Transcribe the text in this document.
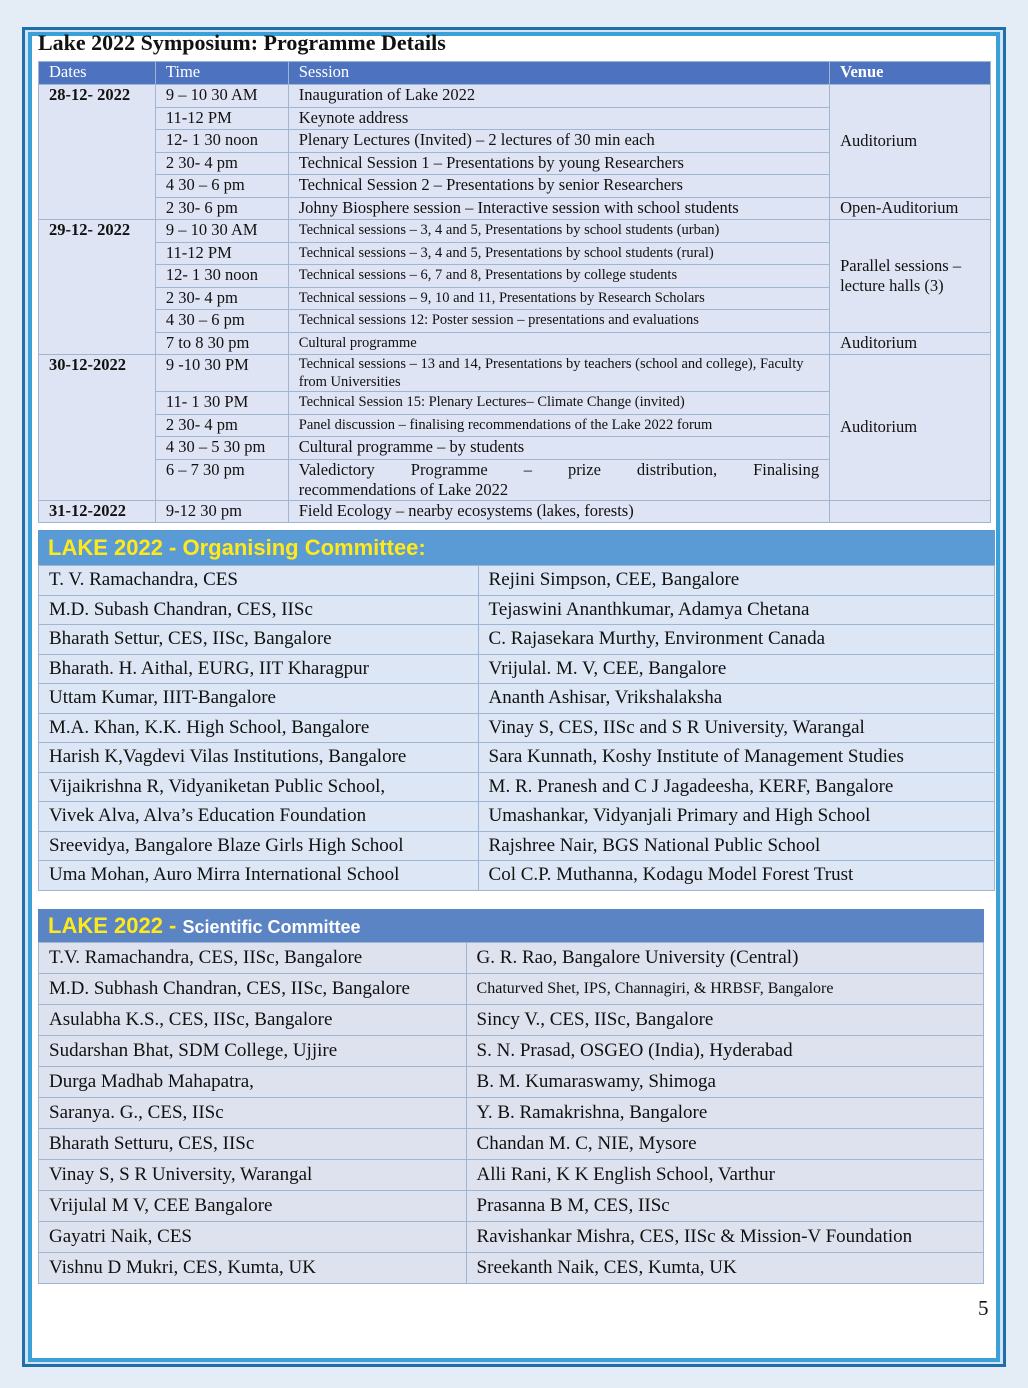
Lake 2022 Symposium: Programme Details
Dates	Time	Session	Venue
28-12- 2022	9 – 10 30 AM	Inauguration of Lake 2022	Auditorium
	11-12 PM	Keynote address	
	12- 1 30 noon	Plenary Lectures (Invited) – 2 lectures of 30 min each	
	2 30- 4 pm	Technical Session 1 – Presentations by young Researchers	
	4 30 – 6 pm	Technical Session 2 – Presentations by senior Researchers	
	2 30- 6 pm	Johny Biosphere session – Interactive session with school students	Open-Auditorium
29-12- 2022	9 – 10 30 AM	Technical sessions – 3, 4 and 5, Presentations by school students (urban)	Parallel sessions – lecture halls (3)
	11-12 PM	Technical sessions – 3, 4 and 5, Presentations by school students (rural)	
	12- 1 30 noon	Technical sessions – 6, 7 and 8, Presentations by college students	
	2 30- 4 pm	Technical sessions – 9, 10 and 11, Presentations by Research Scholars	
	4 30 – 6 pm	Technical sessions 12: Poster session – presentations and evaluations	
	7 to 8 30 pm	Cultural programme	Auditorium
30-12-2022	9 -10 30 PM	Technical sessions – 13 and 14, Presentations by teachers (school and college), Faculty from Universities	Auditorium
	11- 1 30 PM	Technical Session 15: Plenary Lectures– Climate Change (invited)	
	2 30- 4 pm	Panel discussion – finalising recommendations of the Lake 2022 forum	
	4 30 – 5 30 pm	Cultural programme – by students	
	6 – 7 30 pm	Valedictory Programme – prize distribution, Finalising
recommendations of Lake 2022	

31-12-2022	9-12 30 pm	Field Ecology – nearby ecosystems (lakes, forests)	
LAKE 2022 - Organising Committee:
T. V. Ramachandra, CES	Rejini Simpson, CEE, Bangalore
M.D. Subash Chandran, CES, IISc	Tejaswini Ananthkumar, Adamya Chetana
Bharath Settur, CES, IISc, Bangalore	C. Rajasekara Murthy, Environment Canada
Bharath. H. Aithal, EURG, IIT Kharagpur	Vrijulal. M. V, CEE, Bangalore
Uttam Kumar, IIIT-Bangalore	Ananth Ashisar, Vrikshalaksha
M.A. Khan, K.K. High School, Bangalore	Vinay S, CES, IISc and S R University, Warangal
Harish K,Vagdevi Vilas Institutions, Bangalore	Sara Kunnath, Koshy Institute of Management Studies
Vijaikrishna R, Vidyaniketan Public School,	M. R. Pranesh and C J Jagadeesha, KERF, Bangalore
Vivek Alva, Alva’s Education Foundation	Umashankar, Vidyanjali Primary and High School
Sreevidya, Bangalore Blaze Girls High School	Rajshree Nair, BGS National Public School
Uma Mohan, Auro Mirra International School	Col C.P. Muthanna, Kodagu Model Forest Trust
LAKE 2022 - Scientific Committee
T.V. Ramachandra, CES, IISc, Bangalore	G. R. Rao, Bangalore University (Central)
M.D. Subhash Chandran, CES, IISc, Bangalore	Chaturved Shet, IPS, Channagiri, & HRBSF, Bangalore
Asulabha K.S., CES, IISc, Bangalore	Sincy V., CES, IISc, Bangalore
Sudarshan Bhat, SDM College, Ujjire	S. N. Prasad, OSGEO (India), Hyderabad
Durga Madhab Mahapatra,	B. M. Kumaraswamy, Shimoga
Saranya. G., CES, IISc	Y. B. Ramakrishna, Bangalore
Bharath Setturu, CES, IISc	Chandan M. C, NIE, Mysore
Vinay S, S R University, Warangal	Alli Rani, K K English School, Varthur
Vrijulal M V, CEE Bangalore	Prasanna B M, CES, IISc
Gayatri Naik, CES	Ravishankar Mishra, CES, IISc & Mission-V Foundation
Vishnu D Mukri, CES, Kumta, UK	Sreekanth Naik, CES, Kumta, UK
5
